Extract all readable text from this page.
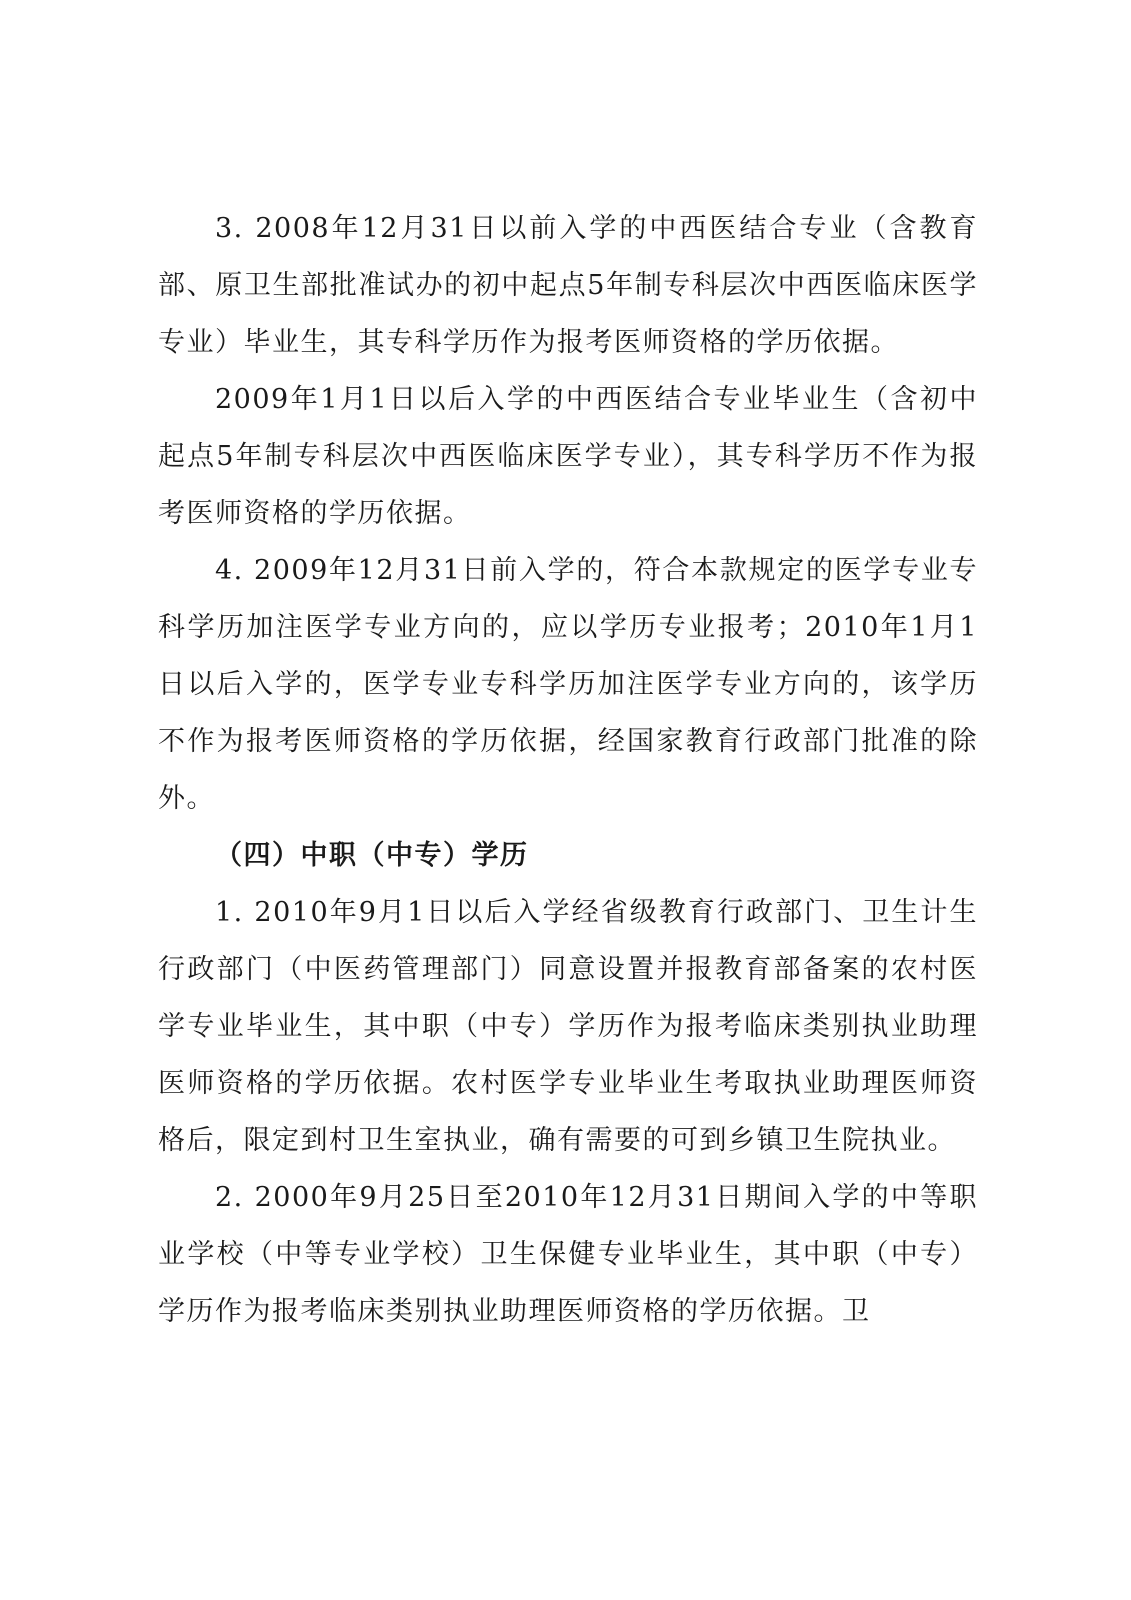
3. 2008年12月31日以前入学的中西医结合专业（含教育部、原卫生部批准试办的初中起点5年制专科层次中西医临床医学专业）毕业生，其专科学历作为报考医师资格的学历依据。

2009年1月1日以后入学的中西医结合专业毕业生（含初中起点5年制专科层次中西医临床医学专业），其专科学历不作为报考医师资格的学历依据。

4. 2009年12月31日前入学的，符合本款规定的医学专业专科学历加注医学专业方向的，应以学历专业报考；2010年1月1日以后入学的，医学专业专科学历加注医学专业方向的，该学历不作为报考医师资格的学历依据，经国家教育行政部门批准的除外。

（四）中职（中专）学历

1. 2010年9月1日以后入学经省级教育行政部门、卫生计生行政部门（中医药管理部门）同意设置并报教育部备案的农村医学专业毕业生，其中职（中专）学历作为报考临床类别执业助理医师资格的学历依据。农村医学专业毕业生考取执业助理医师资格后，限定到村卫生室执业，确有需要的可到乡镇卫生院执业。

2. 2000年9月25日至2010年12月31日期间入学的中等职业学校（中等专业学校）卫生保健专业毕业生，其中职（中专）学历作为报考临床类别执业助理医师资格的学历依据。卫
